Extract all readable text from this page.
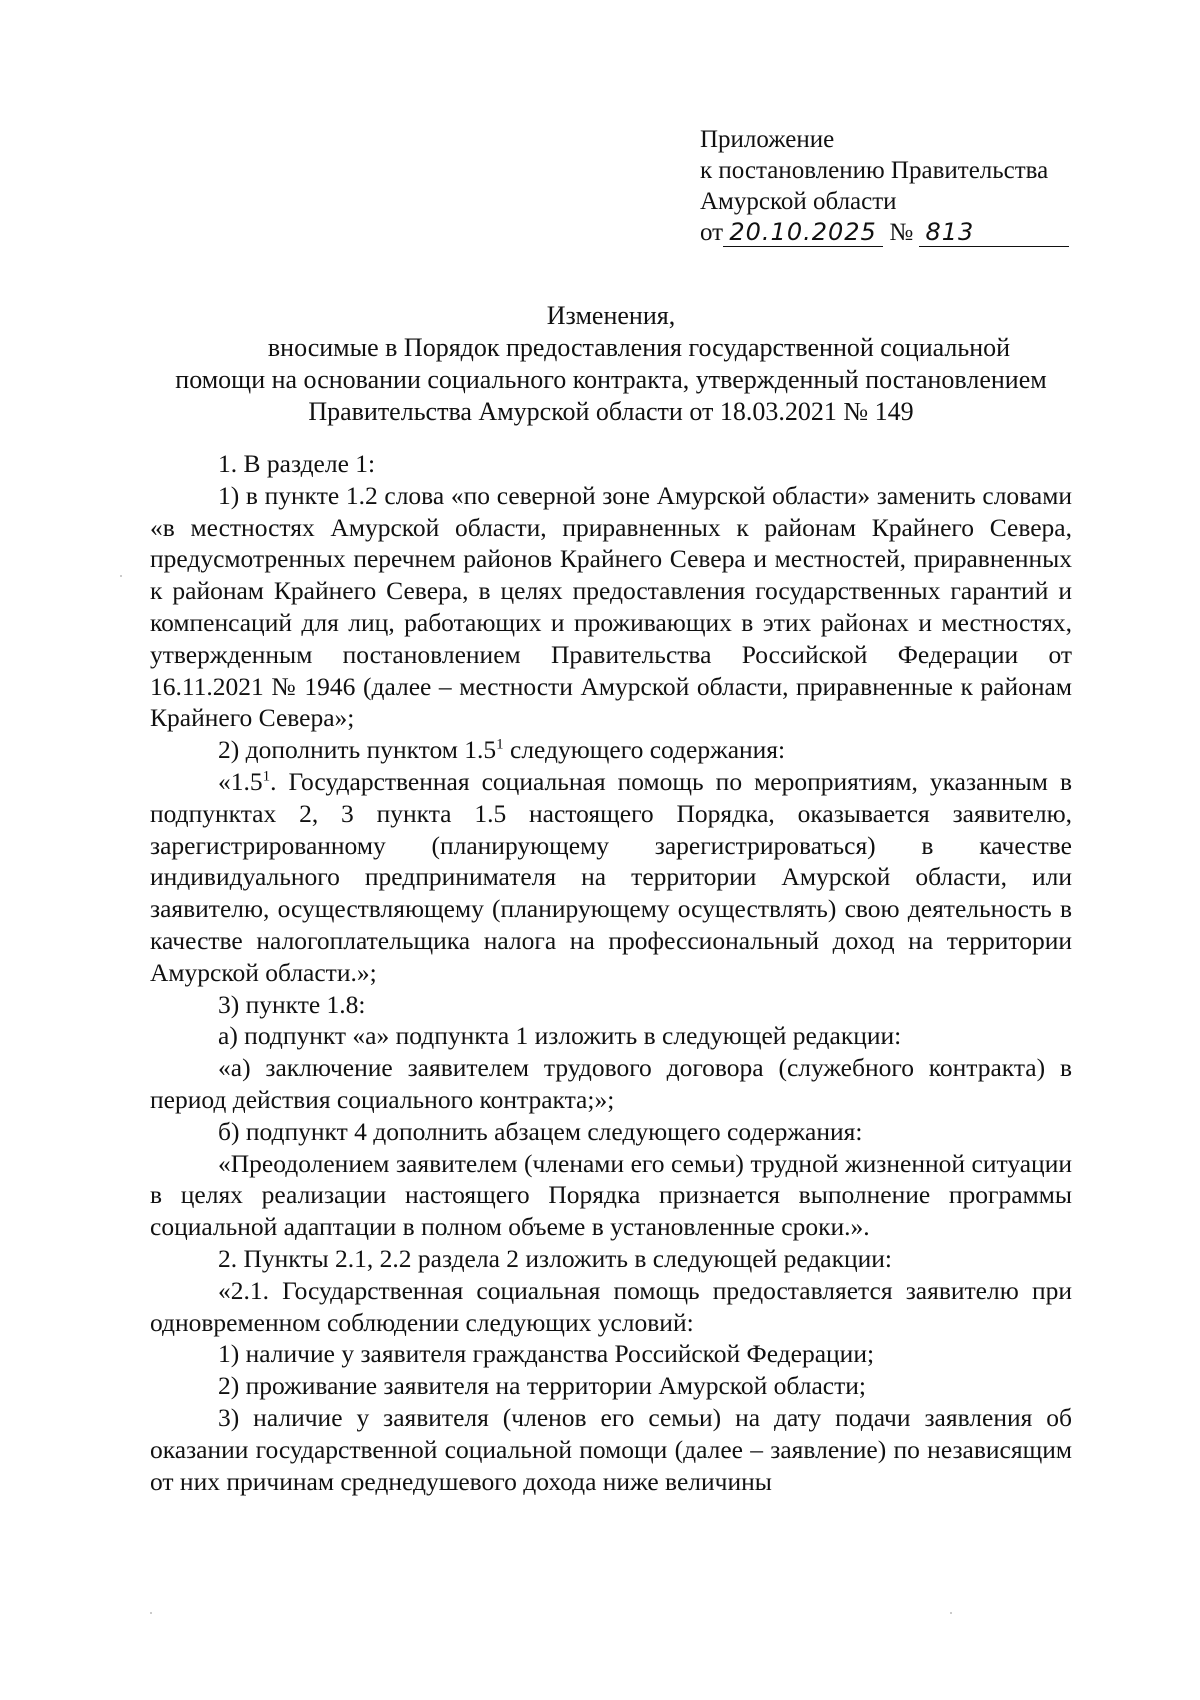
Приложение
к постановлению Правительства
Амурской области
от 20.10.2025 № 813
Изменения,
вносимые в Порядок предоставления государственной социальной
помощи на основании социального контракта, утвержденный постановлением
Правительства Амурской области от 18.03.2021 № 149

1. В разделе 1:

1) в пункте 1.2 слова «по северной зоне Амурской области» заменить словами «в местностях Амурской области, приравненных к районам Крайнего Севера, предусмотренных перечнем районов Крайнего Севера и местностей, приравненных к районам Крайнего Севера, в целях предоставления государственных гарантий и компенсаций для лиц, работающих и проживающих в этих районах и местностях, утвержденным постановлением Правительства Российской Федерации от 16.11.2021 № 1946 (далее – местности Амурской области, приравненные к районам Крайнего Севера»;

2) дополнить пунктом $1.5^1$ следующего содержания:

«$1.5^1$. Государственная социальная помощь по мероприятиям, указанным в подпунктах 2, 3 пункта 1.5 настоящего Порядка, оказывается заявителю, зарегистрированному (планирующему зарегистрироваться) в качестве индивидуального предпринимателя на территории Амурской области, или заявителю, осуществляющему (планирующему осуществлять) свою деятельность в качестве налогоплательщика налога на профессиональный доход на территории Амурской области.»;

3) пункте 1.8:

а) подпункт «а» подпункта 1 изложить в следующей редакции:

«а) заключение заявителем трудового договора (служебного контракта) в период действия социального контракта;»;

б) подпункт 4 дополнить абзацем следующего содержания:

«Преодолением заявителем (членами его семьи) трудной жизненной ситуации в целях реализации настоящего Порядка признается выполнение программы социальной адаптации в полном объеме в установленные сроки.».

2. Пункты 2.1, 2.2 раздела 2 изложить в следующей редакции:

«2.1. Государственная социальная помощь предоставляется заявителю при одновременном соблюдении следующих условий:

1) наличие у заявителя гражданства Российской Федерации;

2) проживание заявителя на территории Амурской области;

3) наличие у заявителя (членов его семьи) на дату подачи заявления об оказании государственной социальной помощи (далее – заявление) по независящим от них причинам среднедушевого дохода ниже величины
